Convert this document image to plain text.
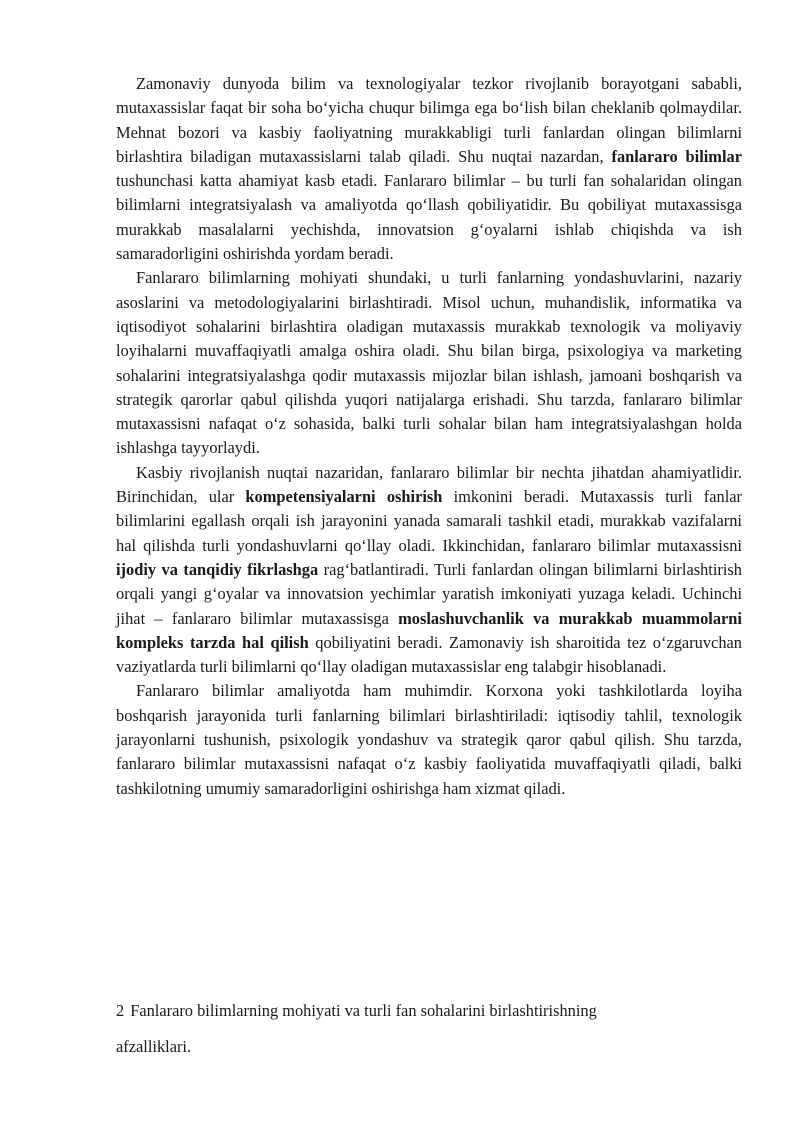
Zamonaviy dunyoda bilim va texnologiyalar tezkor rivojlanib borayotgani sababli, mutaxassislar faqat bir soha bo‘yicha chuqur bilimga ega bo‘lish bilan cheklanib qolmaydilar. Mehnat bozori va kasbiy faoliyatning murakkabligi turli fanlardan olingan bilimlarni birlashtira biladigan mutaxassislarni talab qiladi. Shu nuqtai nazardan, fanlararo bilimlar tushunchasi katta ahamiyat kasb etadi. Fanlararo bilimlar – bu turli fan sohalaridan olingan bilimlarni integratsiyalash va amaliyotda qo‘llash qobiliyatidir. Bu qobiliyat mutaxassisga murakkab masalalarni yechishda, innovatsion g‘oyalarni ishlab chiqishda va ish samaradorligini oshirishda yordam beradi.

Fanlararo bilimlarning mohiyati shundaki, u turli fanlarning yondashuvlarini, nazariy asoslarini va metodologiyalarini birlashtiradi. Misol uchun, muhandislik, informatika va iqtisodiyot sohalarini birlashtira oladigan mutaxassis murakkab texnologik va moliyaviy loyihalarni muvaffaqiyatli amalga oshira oladi. Shu bilan birga, psixologiya va marketing sohalarini integratsiyalashga qodir mutaxassis mijozlar bilan ishlash, jamoani boshqarish va strategik qarorlar qabul qilishda yuqori natijalarga erishadi. Shu tarzda, fanlararo bilimlar mutaxassisni nafaqat o‘z sohasida, balki turli sohalar bilan ham integratsiyalashgan holda ishlashga tayyorlaydi.

Kasbiy rivojlanish nuqtai nazaridan, fanlararo bilimlar bir nechta jihatdan ahamiyatlidir. Birinchidan, ular kompetensiyalarni oshirish imkonini beradi. Mutaxassis turli fanlar bilimlarini egallash orqali ish jarayonini yanada samarali tashkil etadi, murakkab vazifalarni hal qilishda turli yondashuvlarni qo‘llay oladi. Ikkinchidan, fanlararo bilimlar mutaxassisni ijodiy va tanqidiy fikrlashga rag‘batlantiradi. Turli fanlardan olingan bilimlarni birlashtirish orqali yangi g‘oyalar va innovatsion yechimlar yaratish imkoniyati yuzaga keladi. Uchinchi jihat – fanlararo bilimlar mutaxassisga moslashuvchanlik va murakkab muammolarni kompleks tarzda hal qilish qobiliyatini beradi. Zamonaviy ish sharoitida tez o‘zgaruvchan vaziyatlarda turli bilimlarni qo‘llay oladigan mutaxassislar eng talabgir hisoblanadi.

Fanlararo bilimlar amaliyotda ham muhimdir. Korxona yoki tashkilotlarda loyiha boshqarish jarayonida turli fanlarning bilimlari birlashtiriladi: iqtisodiy tahlil, texnologik jarayonlarni tushunish, psixologik yondashuv va strategik qaror qabul qilish. Shu tarzda, fanlararo bilimlar mutaxassisni nafaqat o‘z kasbiy faoliyatida muvaffaqiyatli qiladi, balki tashkilotning umumiy samaradorligini oshirishga ham xizmat qiladi.

2 Fanlararo bilimlarning mohiyati va turli fan sohalarini birlashtirishning
afzalliklari.
